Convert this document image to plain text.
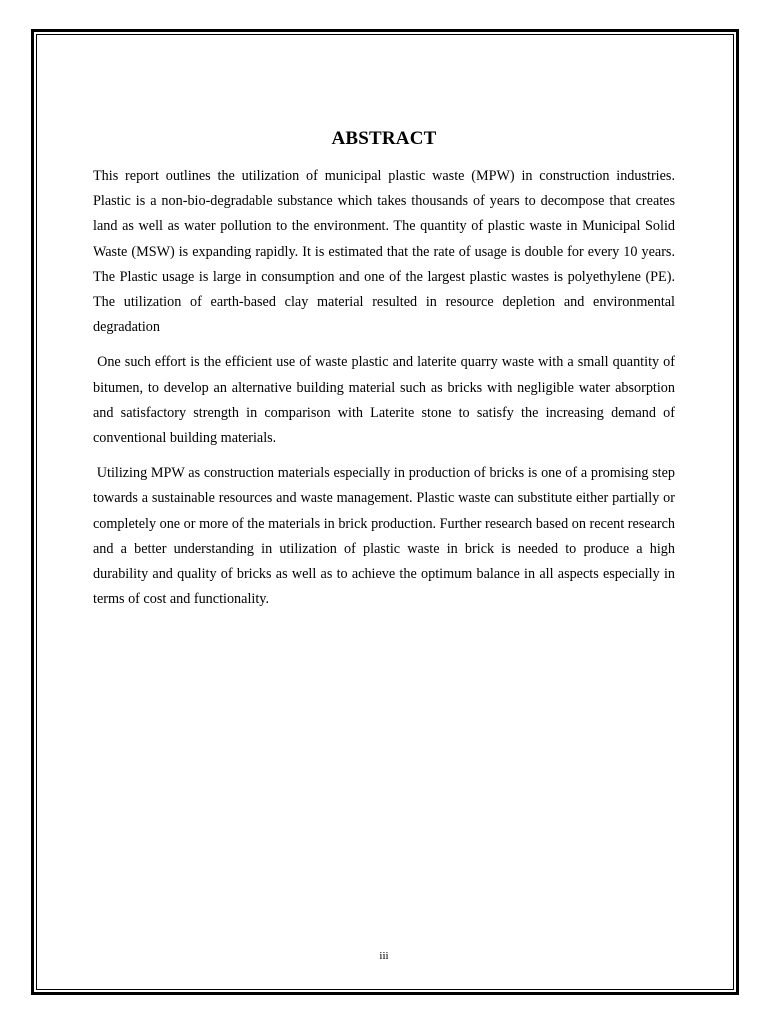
ABSTRACT

This report outlines the utilization of municipal plastic waste (MPW) in construction industries. Plastic is a non-bio-degradable substance which takes thousands of years to decompose that creates land as well as water pollution to the environment. The quantity of plastic waste in Municipal Solid Waste (MSW) is expanding rapidly. It is estimated that the rate of usage is double for every 10 years. The Plastic usage is large in consumption and one of the largest plastic wastes is polyethylene (PE). The utilization of earth-based clay material resulted in resource depletion and environmental degradation

One such effort is the efficient use of waste plastic and laterite quarry waste with a small quantity of bitumen, to develop an alternative building material such as bricks with negligible water absorption and satisfactory strength in comparison with Laterite stone to satisfy the increasing demand of conventional building materials.

Utilizing MPW as construction materials especially in production of bricks is one of a promising step towards a sustainable resources and waste management. Plastic waste can substitute either partially or completely one or more of the materials in brick production. Further research based on recent research and a better understanding in utilization of plastic waste in brick is needed to produce a high durability and quality of bricks as well as to achieve the optimum balance in all aspects especially in terms of cost and functionality.

iii
